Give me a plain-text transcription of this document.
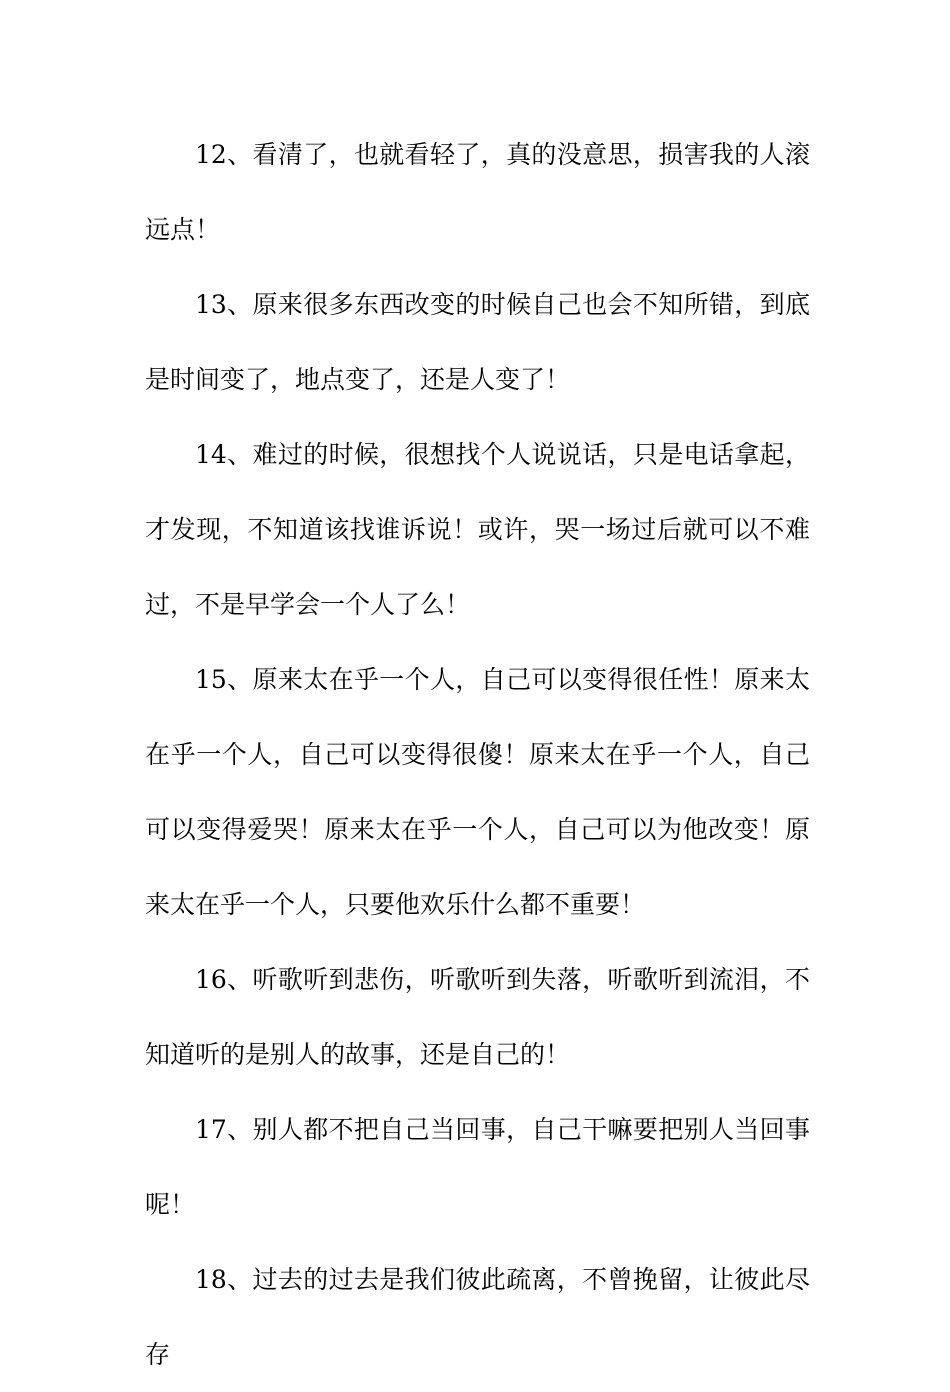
12、看清了，也就看轻了，真的没意思，损害我的人滚远点！

13、原来很多东西改变的时候自己也会不知所错，到底是时间变了，地点变了，还是人变了！

14、难过的时候，很想找个人说说话，只是电话拿起，才发现，不知道该找谁诉说！或许，哭一场过后就可以不难过，不是早学会一个人了么！

15、原来太在乎一个人，自己可以变得很任性！原来太在乎一个人，自己可以变得很傻！原来太在乎一个人，自己可以变得爱哭！原来太在乎一个人，自己可以为他改变！原来太在乎一个人，只要他欢乐什么都不重要！

16、听歌听到悲伤，听歌听到失落，听歌听到流泪，不知道听的是别人的故事，还是自己的！

17、别人都不把自己当回事，自己干嘛要把别人当回事呢！

18、过去的过去是我们彼此疏离，不曾挽留，让彼此尽存
